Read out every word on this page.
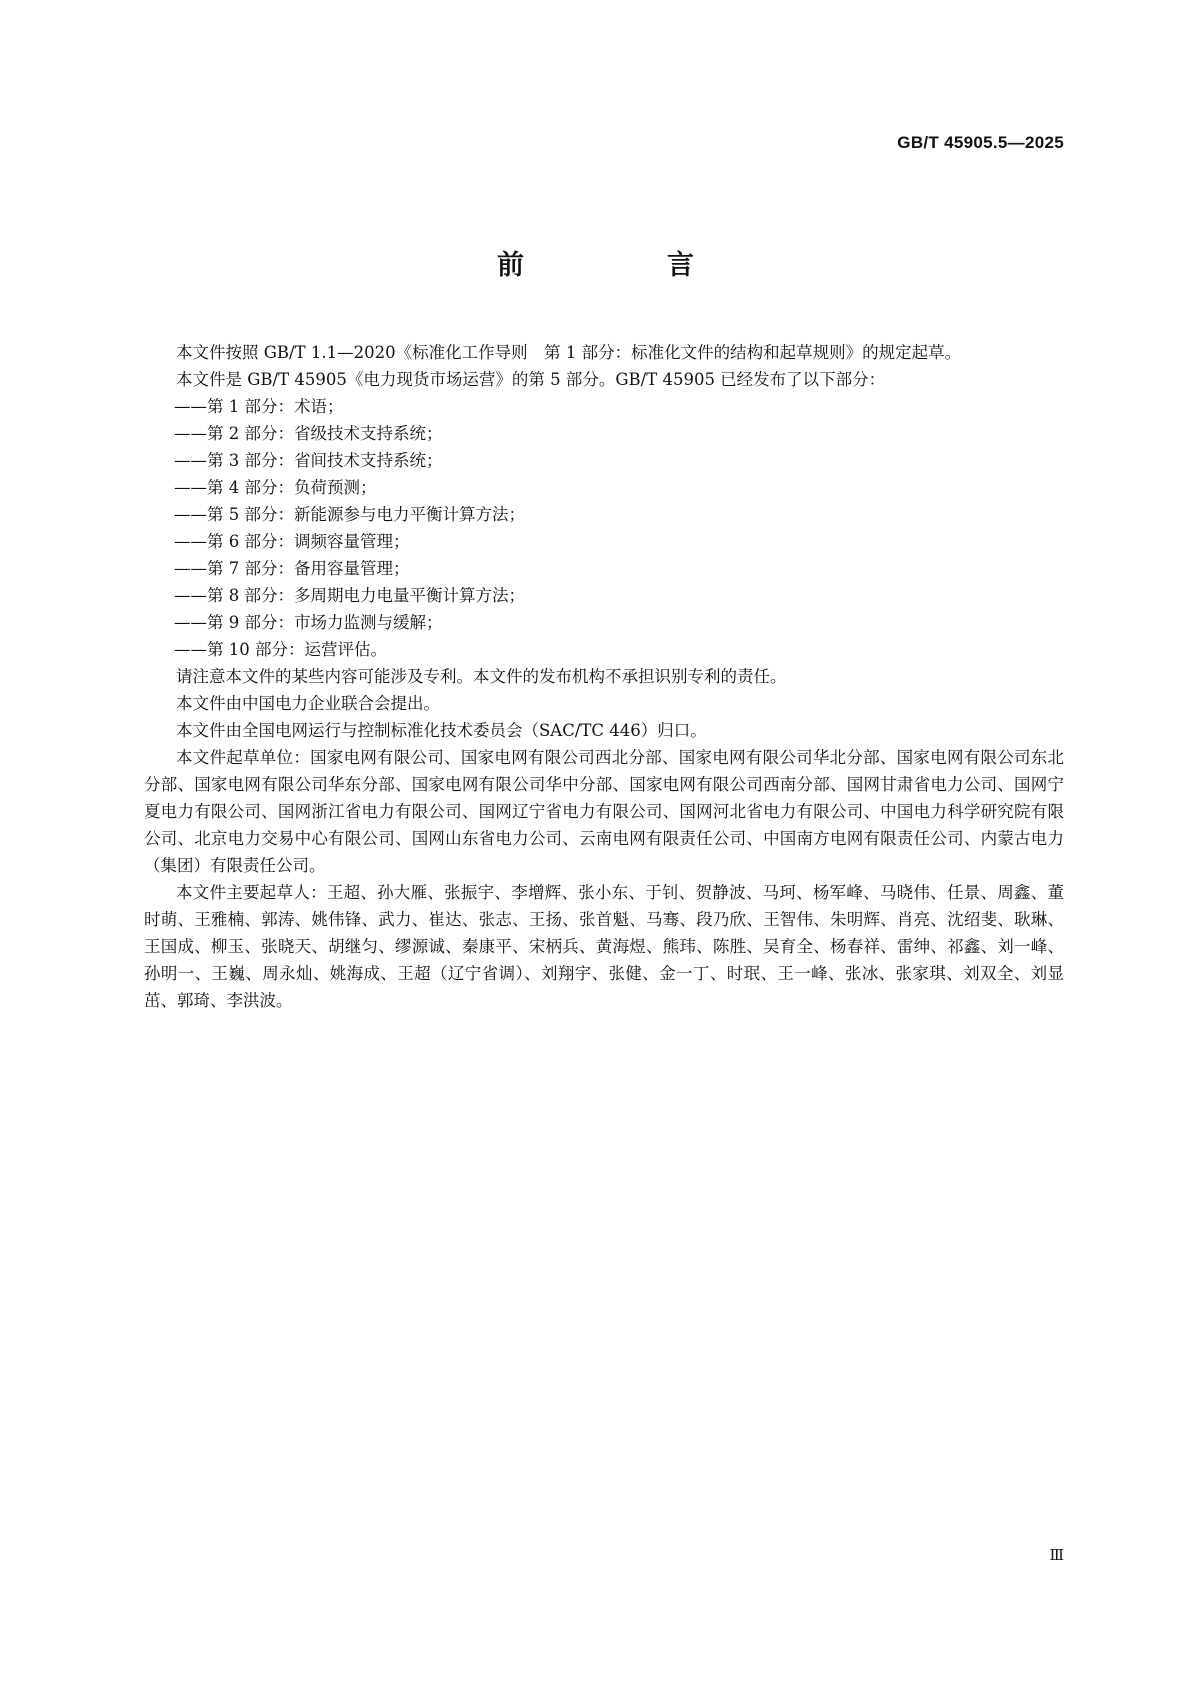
GB/T 45905.5—2025
前　言

本文件按照 GB/T 1.1—2020《标准化工作导则　第 1 部分：标准化文件的结构和起草规则》的规定起草。

本文件是 GB/T 45905《电力现货市场运营》的第 5 部分。GB/T 45905 已经发布了以下部分：

——第 1 部分：术语；

——第 2 部分：省级技术支持系统；

——第 3 部分：省间技术支持系统；

——第 4 部分：负荷预测；

——第 5 部分：新能源参与电力平衡计算方法；

——第 6 部分：调频容量管理；

——第 7 部分：备用容量管理；

——第 8 部分：多周期电力电量平衡计算方法；

——第 9 部分：市场力监测与缓解；

——第 10 部分：运营评估。

请注意本文件的某些内容可能涉及专利。本文件的发布机构不承担识别专利的责任。

本文件由中国电力企业联合会提出。

本文件由全国电网运行与控制标准化技术委员会（SAC/TC 446）归口。

本文件起草单位：国家电网有限公司、国家电网有限公司西北分部、国家电网有限公司华北分部、国家电网有限公司东北分部、国家电网有限公司华东分部、国家电网有限公司华中分部、国家电网有限公司西南分部、国网甘肃省电力公司、国网宁夏电力有限公司、国网浙江省电力有限公司、国网辽宁省电力有限公司、国网河北省电力有限公司、中国电力科学研究院有限公司、北京电力交易中心有限公司、国网山东省电力公司、云南电网有限责任公司、中国南方电网有限责任公司、内蒙古电力（集团）有限责任公司。

本文件主要起草人：王超、孙大雁、张振宇、李增辉、张小东、于钊、贺静波、马珂、杨军峰、马晓伟、任景、周鑫、董时萌、王雅楠、郭涛、姚伟锋、武力、崔达、张志、王扬、张首魁、马骞、段乃欣、王智伟、朱明辉、肖亮、沈绍斐、耿琳、王国成、柳玉、张晓天、胡继匀、缪源诚、秦康平、宋柄兵、黄海煜、熊玮、陈胜、吴育全、杨春祥、雷绅、祁鑫、刘一峰、孙明一、王巍、周永灿、姚海成、王超（辽宁省调）、刘翔宇、张健、金一丁、时珉、王一峰、张冰、张家琪、刘双全、刘显茁、郭琦、李洪波。

Ⅲ
